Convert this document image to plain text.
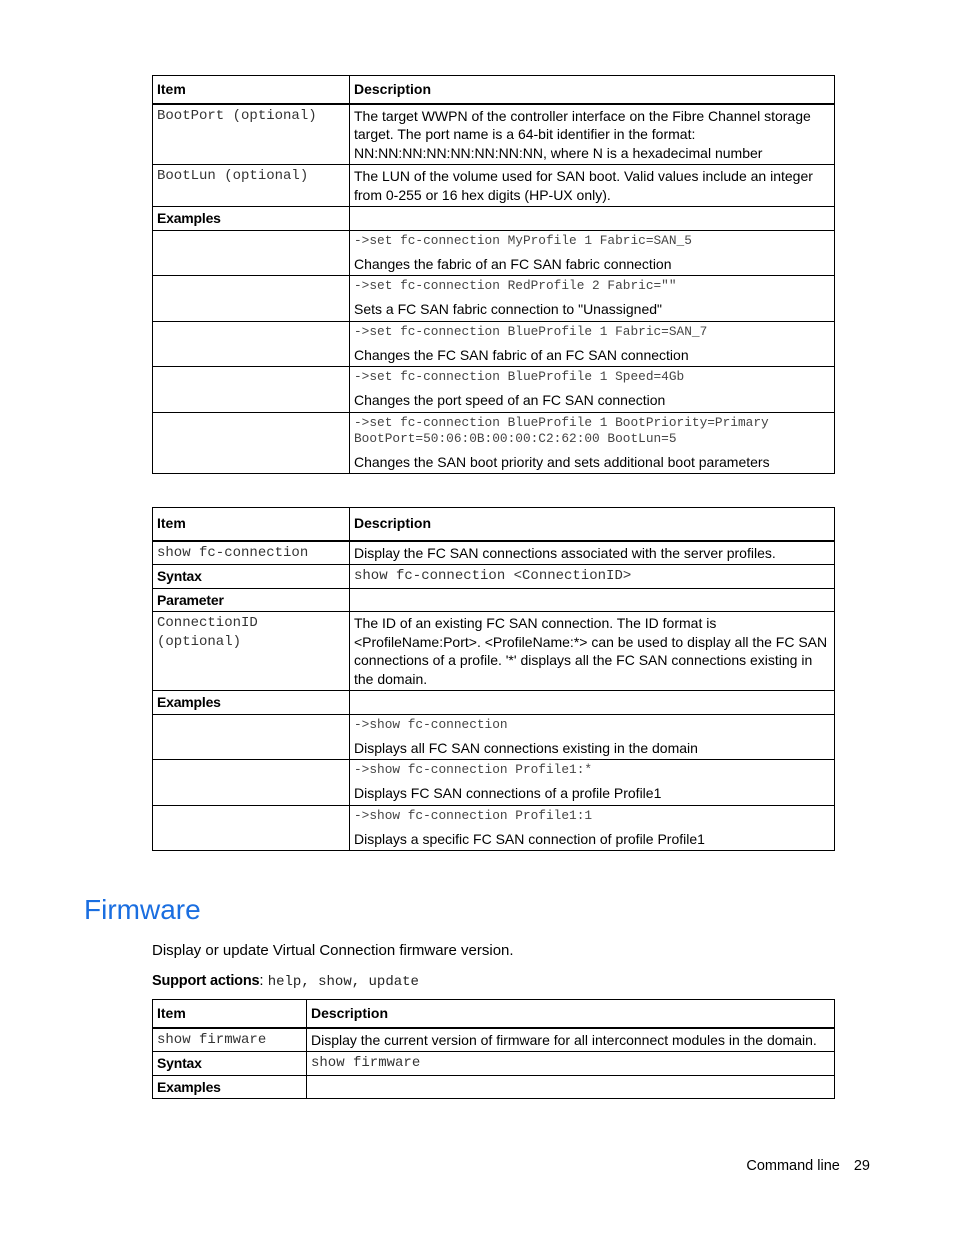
Item	Description
BootPort (optional)	The target WWPN of the controller interface on the Fibre Channel storage target. The port name is a 64-bit identifier in the format: NN:NN:NN:NN:NN:NN:NN:NN, where N is a hexadecimal number
BootLun (optional)	The LUN of the volume used for SAN boot. Valid values include an integer from 0-255 or 16 hex digits (HP-UX only).
Examples	

	->set fc-connection MyProfile 1 Fabric=SAN_5
Changes the fabric of an FC SAN fabric connection

	->set fc-connection RedProfile 2 Fabric=""
Sets a FC SAN fabric connection to "Unassigned"

	->set fc-connection BlueProfile 1 Fabric=SAN_7
Changes the FC SAN fabric of an FC SAN connection

	->set fc-connection BlueProfile 1 Speed=4Gb
Changes the port speed of an FC SAN connection

	->set fc-connection BlueProfile 1 BootPriority=Primary BootPort=50:06:0B:00:00:C2:62:00 BootLun=5
Changes the SAN boot priority and sets additional boot parameters
Item	Description
show fc-connection	Display the FC SAN connections associated with the server profiles.
Syntax	show fc-connection <ConnectionID>
Parameter	
ConnectionID (optional)	The ID of an existing FC SAN connection. The ID format is <ProfileName:Port>. <ProfileName:*> can be used to display all the FC SAN connections of a profile. '*' displays all the FC SAN connections existing in the domain.
Examples	

	->show fc-connection
Displays all FC SAN connections existing in the domain

	->show fc-connection Profile1:*
Displays FC SAN connections of a profile Profile1

	->show fc-connection Profile1:1
Displays a specific FC SAN connection of profile Profile1
Firmware
Display or update Virtual Connection firmware version.
Support actions: help, show, update
Item	Description
show firmware	Display the current version of firmware for all interconnect modules in the domain.
Syntax	show firmware
Examples	
Command line 29
